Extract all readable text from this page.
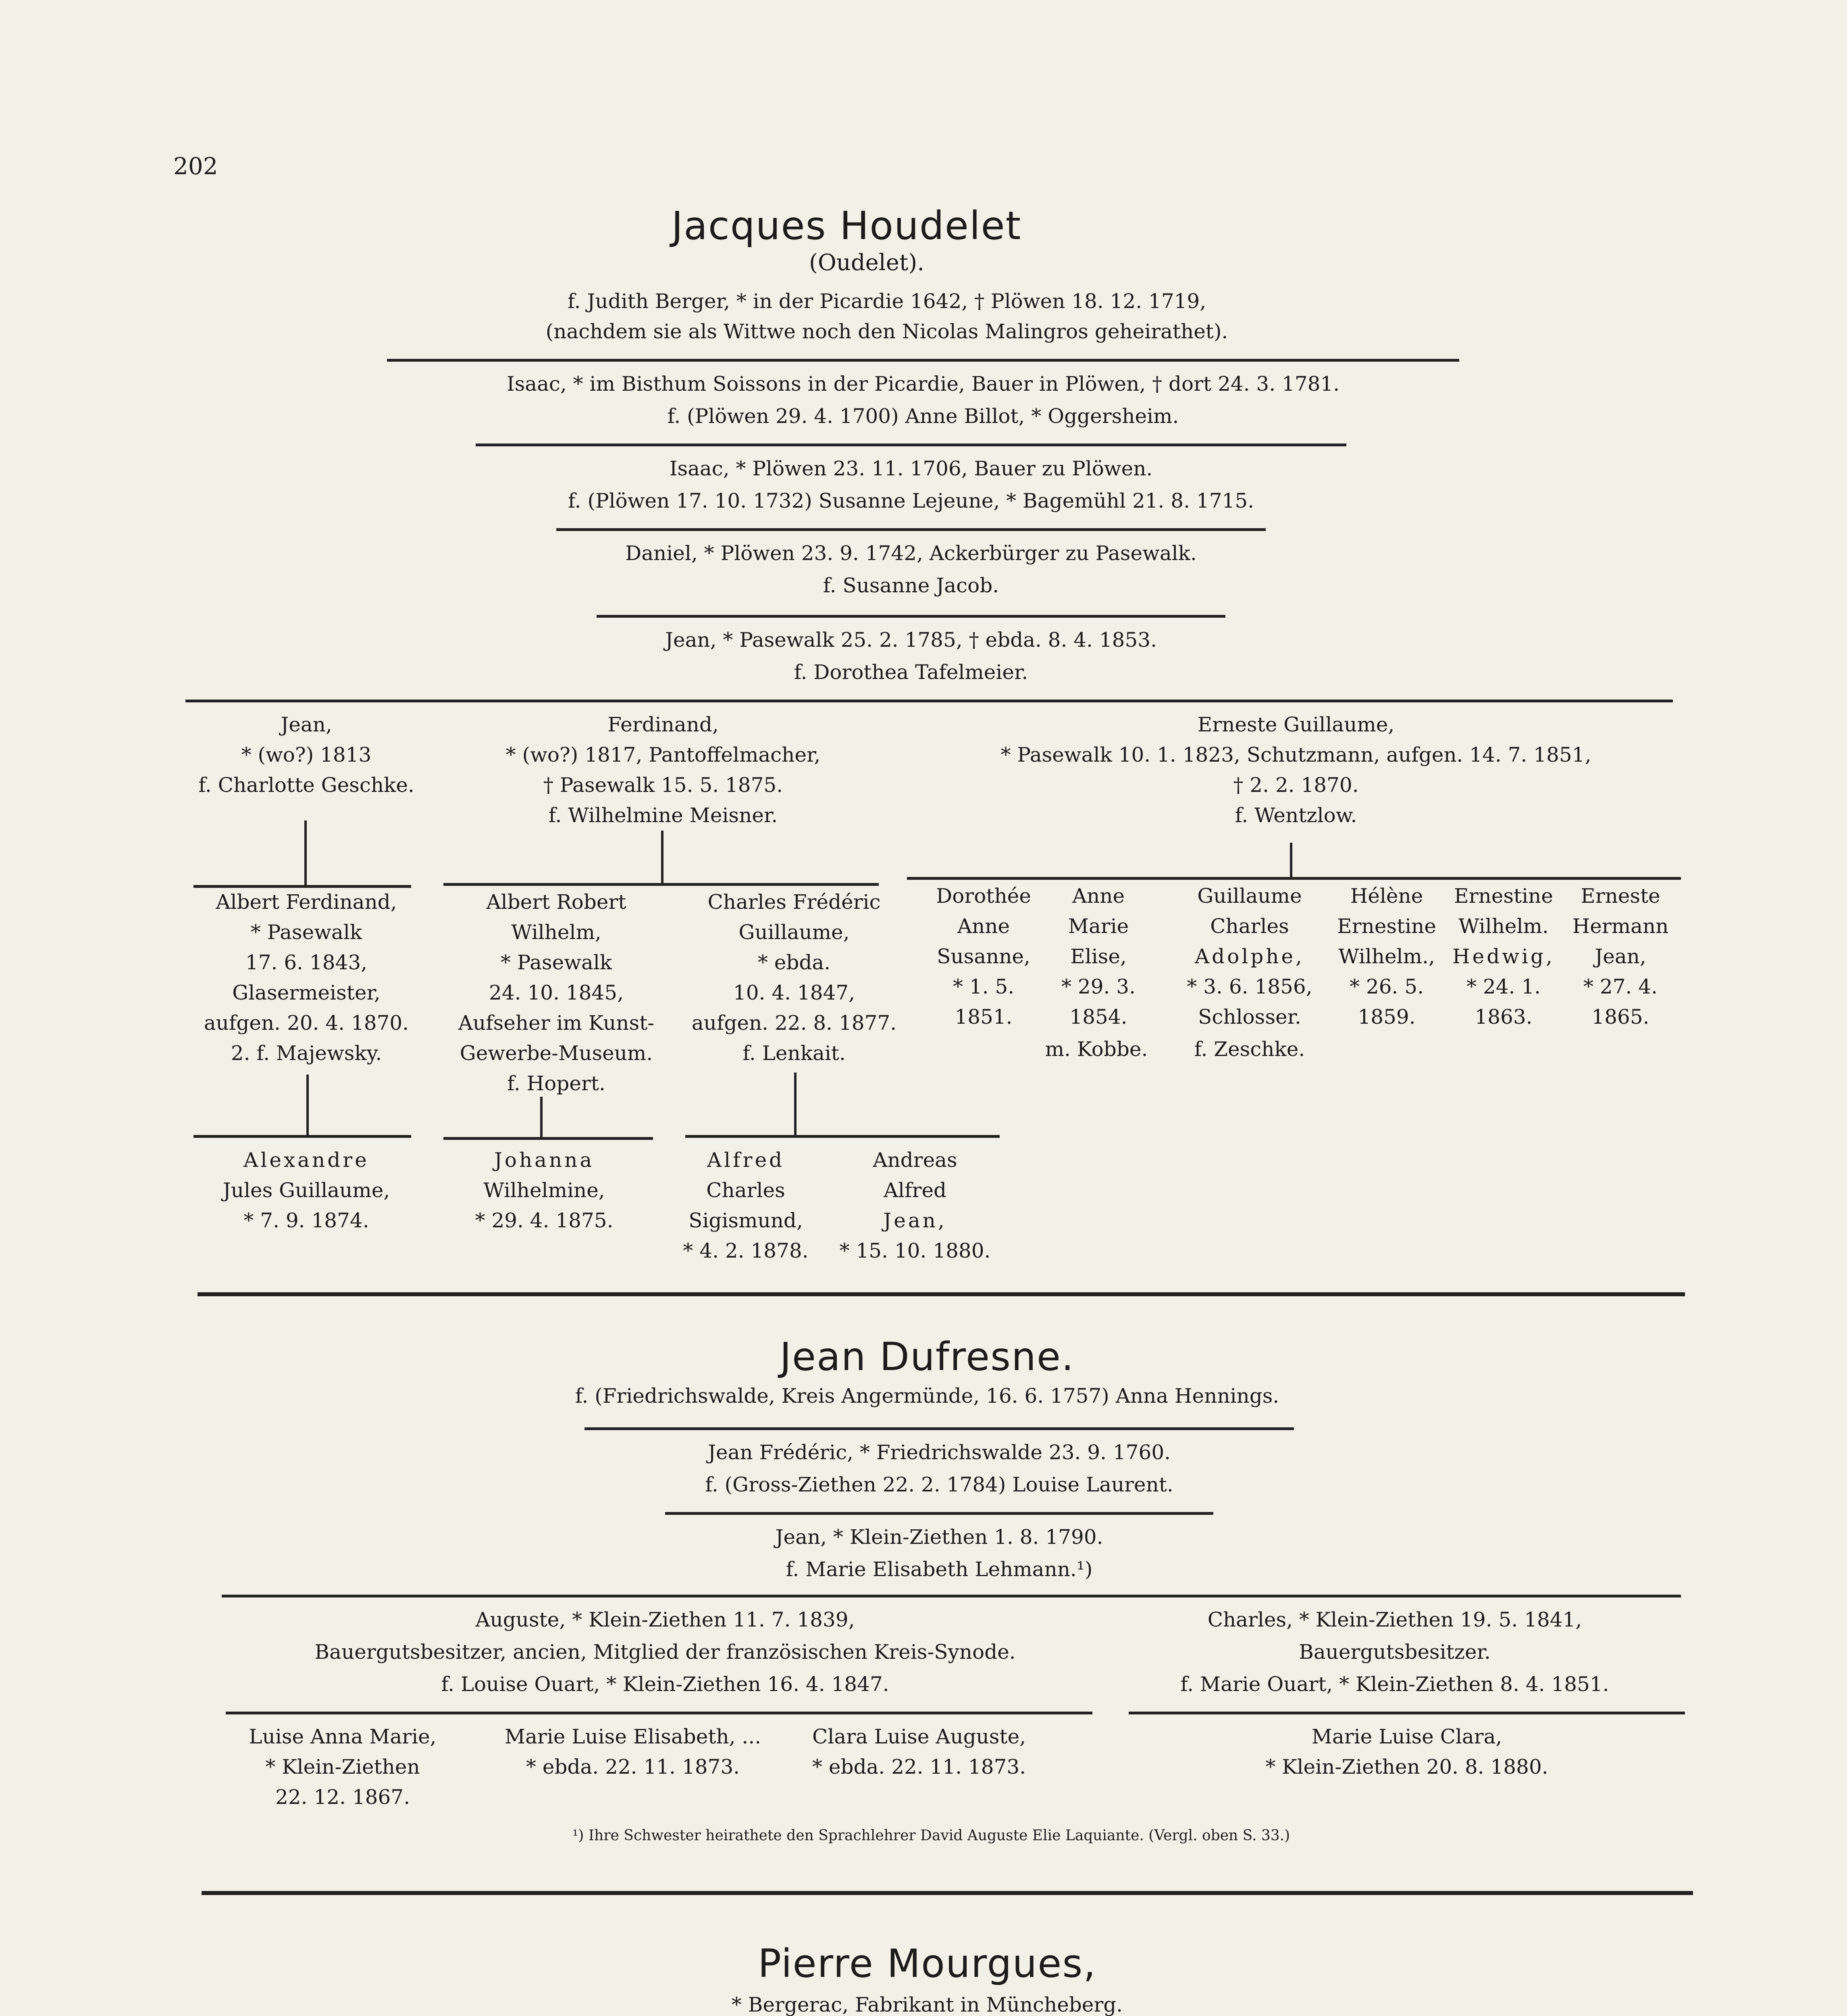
202
Jacques Houdelet
(Oudelet).
f. Judith Berger, * in der Picardie 1642, † Plöwen 18. 12. 1719,
(nachdem sie als Wittwe noch den Nicolas Malingros geheirathet).
Isaac, * im Bisthum Soissons in der Picardie, Bauer in Plöwen, † dort 24. 3. 1781.
f. (Plöwen 29. 4. 1700) Anne Billot, * Oggersheim.
Isaac, * Plöwen 23. 11. 1706, Bauer zu Plöwen.
f. (Plöwen 17. 10. 1732) Susanne Lejeune, * Bagemühl 21. 8. 1715.
Daniel, * Plöwen 23. 9. 1742, Ackerbürger zu Pasewalk.
f. Susanne Jacob.
Jean, * Pasewalk 25. 2. 1785, † ebda. 8. 4. 1853.
f. Dorothea Tafelmeier.
Jean,
* (wo?) 1813
f. Charlotte Geschke.
Ferdinand,
* (wo?) 1817, Pantoffelmacher,
† Pasewalk 15. 5. 1875.
f. Wilhelmine Meisner.
Erneste Guillaume,
* Pasewalk 10. 1. 1823, Schutzmann, aufgen. 14. 7. 1851,
† 2. 2. 1870.
f. Wentzlow.
Albert Ferdinand,
* Pasewalk
17. 6. 1843,
Glasermeister,
aufgen. 20. 4. 1870.
2. f. Majewsky.
Albert Robert
Wilhelm,
* Pasewalk
24. 10. 1845,
Aufseher im Kunst-
Gewerbe-Museum.
f. Hopert.
Charles Frédéric
Guillaume,
* ebda.
10. 4. 1847,
aufgen. 22. 8. 1877.
f. Lenkait.
Dorothée
Anne
Susanne,
* 1. 5.
1851.
Anne
Marie
Elise,
* 29. 3.
1854.
m. Kobbe.
Guillaume
Charles
Adolphe,
* 3. 6. 1856,
Schlosser.
f. Zeschke.
Hélène
Ernestine
Wilhelm.,
* 26. 5.
1859.
Ernestine
Wilhelm.
Hedwig,
* 24. 1.
1863.
Erneste
Hermann
Jean,
* 27. 4.
1865.
Alexandre
Jules Guillaume,
* 7. 9. 1874.
Johanna
Wilhelmine,
* 29. 4. 1875.
Alfred
Charles
Sigismund,
* 4. 2. 1878.
Andreas
Alfred
Jean,
* 15. 10. 1880.
Jean Dufresne.
f. (Friedrichswalde, Kreis Angermünde, 16. 6. 1757) Anna Hennings.
Jean Frédéric, * Friedrichswalde 23. 9. 1760.
f. (Gross-Ziethen 22. 2. 1784) Louise Laurent.
Jean, * Klein-Ziethen 1. 8. 1790.
f. Marie Elisabeth Lehmann.¹)
Auguste, * Klein-Ziethen 11. 7. 1839,
Bauergutsbesitzer, ancien, Mitglied der französischen Kreis-Synode.
f. Louise Ouart, * Klein-Ziethen 16. 4. 1847.
Charles, * Klein-Ziethen 19. 5. 1841,
Bauergutsbesitzer.
f. Marie Ouart, * Klein-Ziethen 8. 4. 1851.
Luise Anna Marie,
* Klein-Ziethen
22. 12. 1867.
Marie Luise Elisabeth, ...
* ebda. 22. 11. 1873.
Clara Luise Auguste,
* ebda. 22. 11. 1873.
Marie Luise Clara,
* Klein-Ziethen 20. 8. 1880.
¹) Ihre Schwester heirathete den Sprachlehrer David Auguste Elie Laquiante. (Vergl. oben S. 33.)
Pierre Mourgues,
* Bergerac, Fabrikant in Müncheberg.
